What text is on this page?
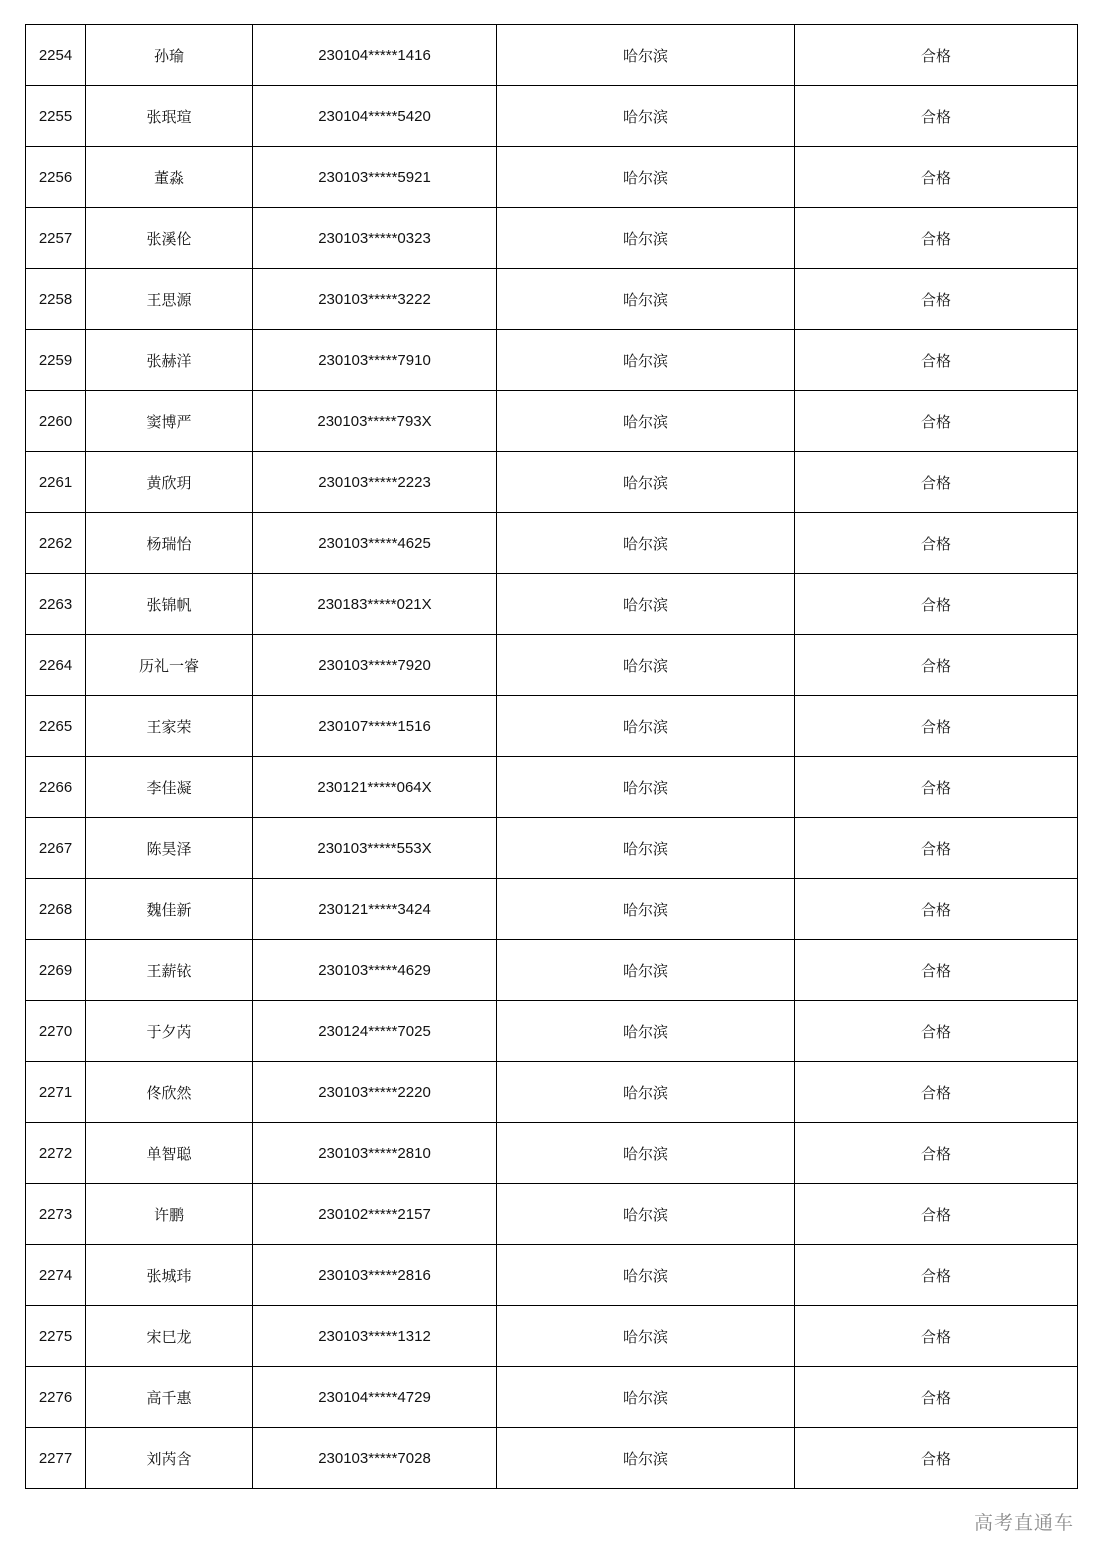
2254	孙瑜	230104*****1416	哈尔滨	合格
2255	张珉瑄	230104*****5420	哈尔滨	合格
2256	董淼	230103*****5921	哈尔滨	合格
2257	张溪伦	230103*****0323	哈尔滨	合格
2258	王思源	230103*****3222	哈尔滨	合格
2259	张赫洋	230103*****7910	哈尔滨	合格
2260	窦博严	230103*****793X	哈尔滨	合格
2261	黄欣玥	230103*****2223	哈尔滨	合格
2262	杨瑞怡	230103*****4625	哈尔滨	合格
2263	张锦帆	230183*****021X	哈尔滨	合格
2264	历礼一睿	230103*****7920	哈尔滨	合格
2265	王家荣	230107*****1516	哈尔滨	合格
2266	李佳凝	230121*****064X	哈尔滨	合格
2267	陈昊泽	230103*****553X	哈尔滨	合格
2268	魏佳新	230121*****3424	哈尔滨	合格
2269	王薪铱	230103*****4629	哈尔滨	合格
2270	于夕芮	230124*****7025	哈尔滨	合格
2271	佟欣然	230103*****2220	哈尔滨	合格
2272	单智聪	230103*****2810	哈尔滨	合格
2273	许鹏	230102*****2157	哈尔滨	合格
2274	张城玮	230103*****2816	哈尔滨	合格
2275	宋巳龙	230103*****1312	哈尔滨	合格
2276	高千惠	230104*****4729	哈尔滨	合格
2277	刘芮含	230103*****7028	哈尔滨	合格
高考直通车
